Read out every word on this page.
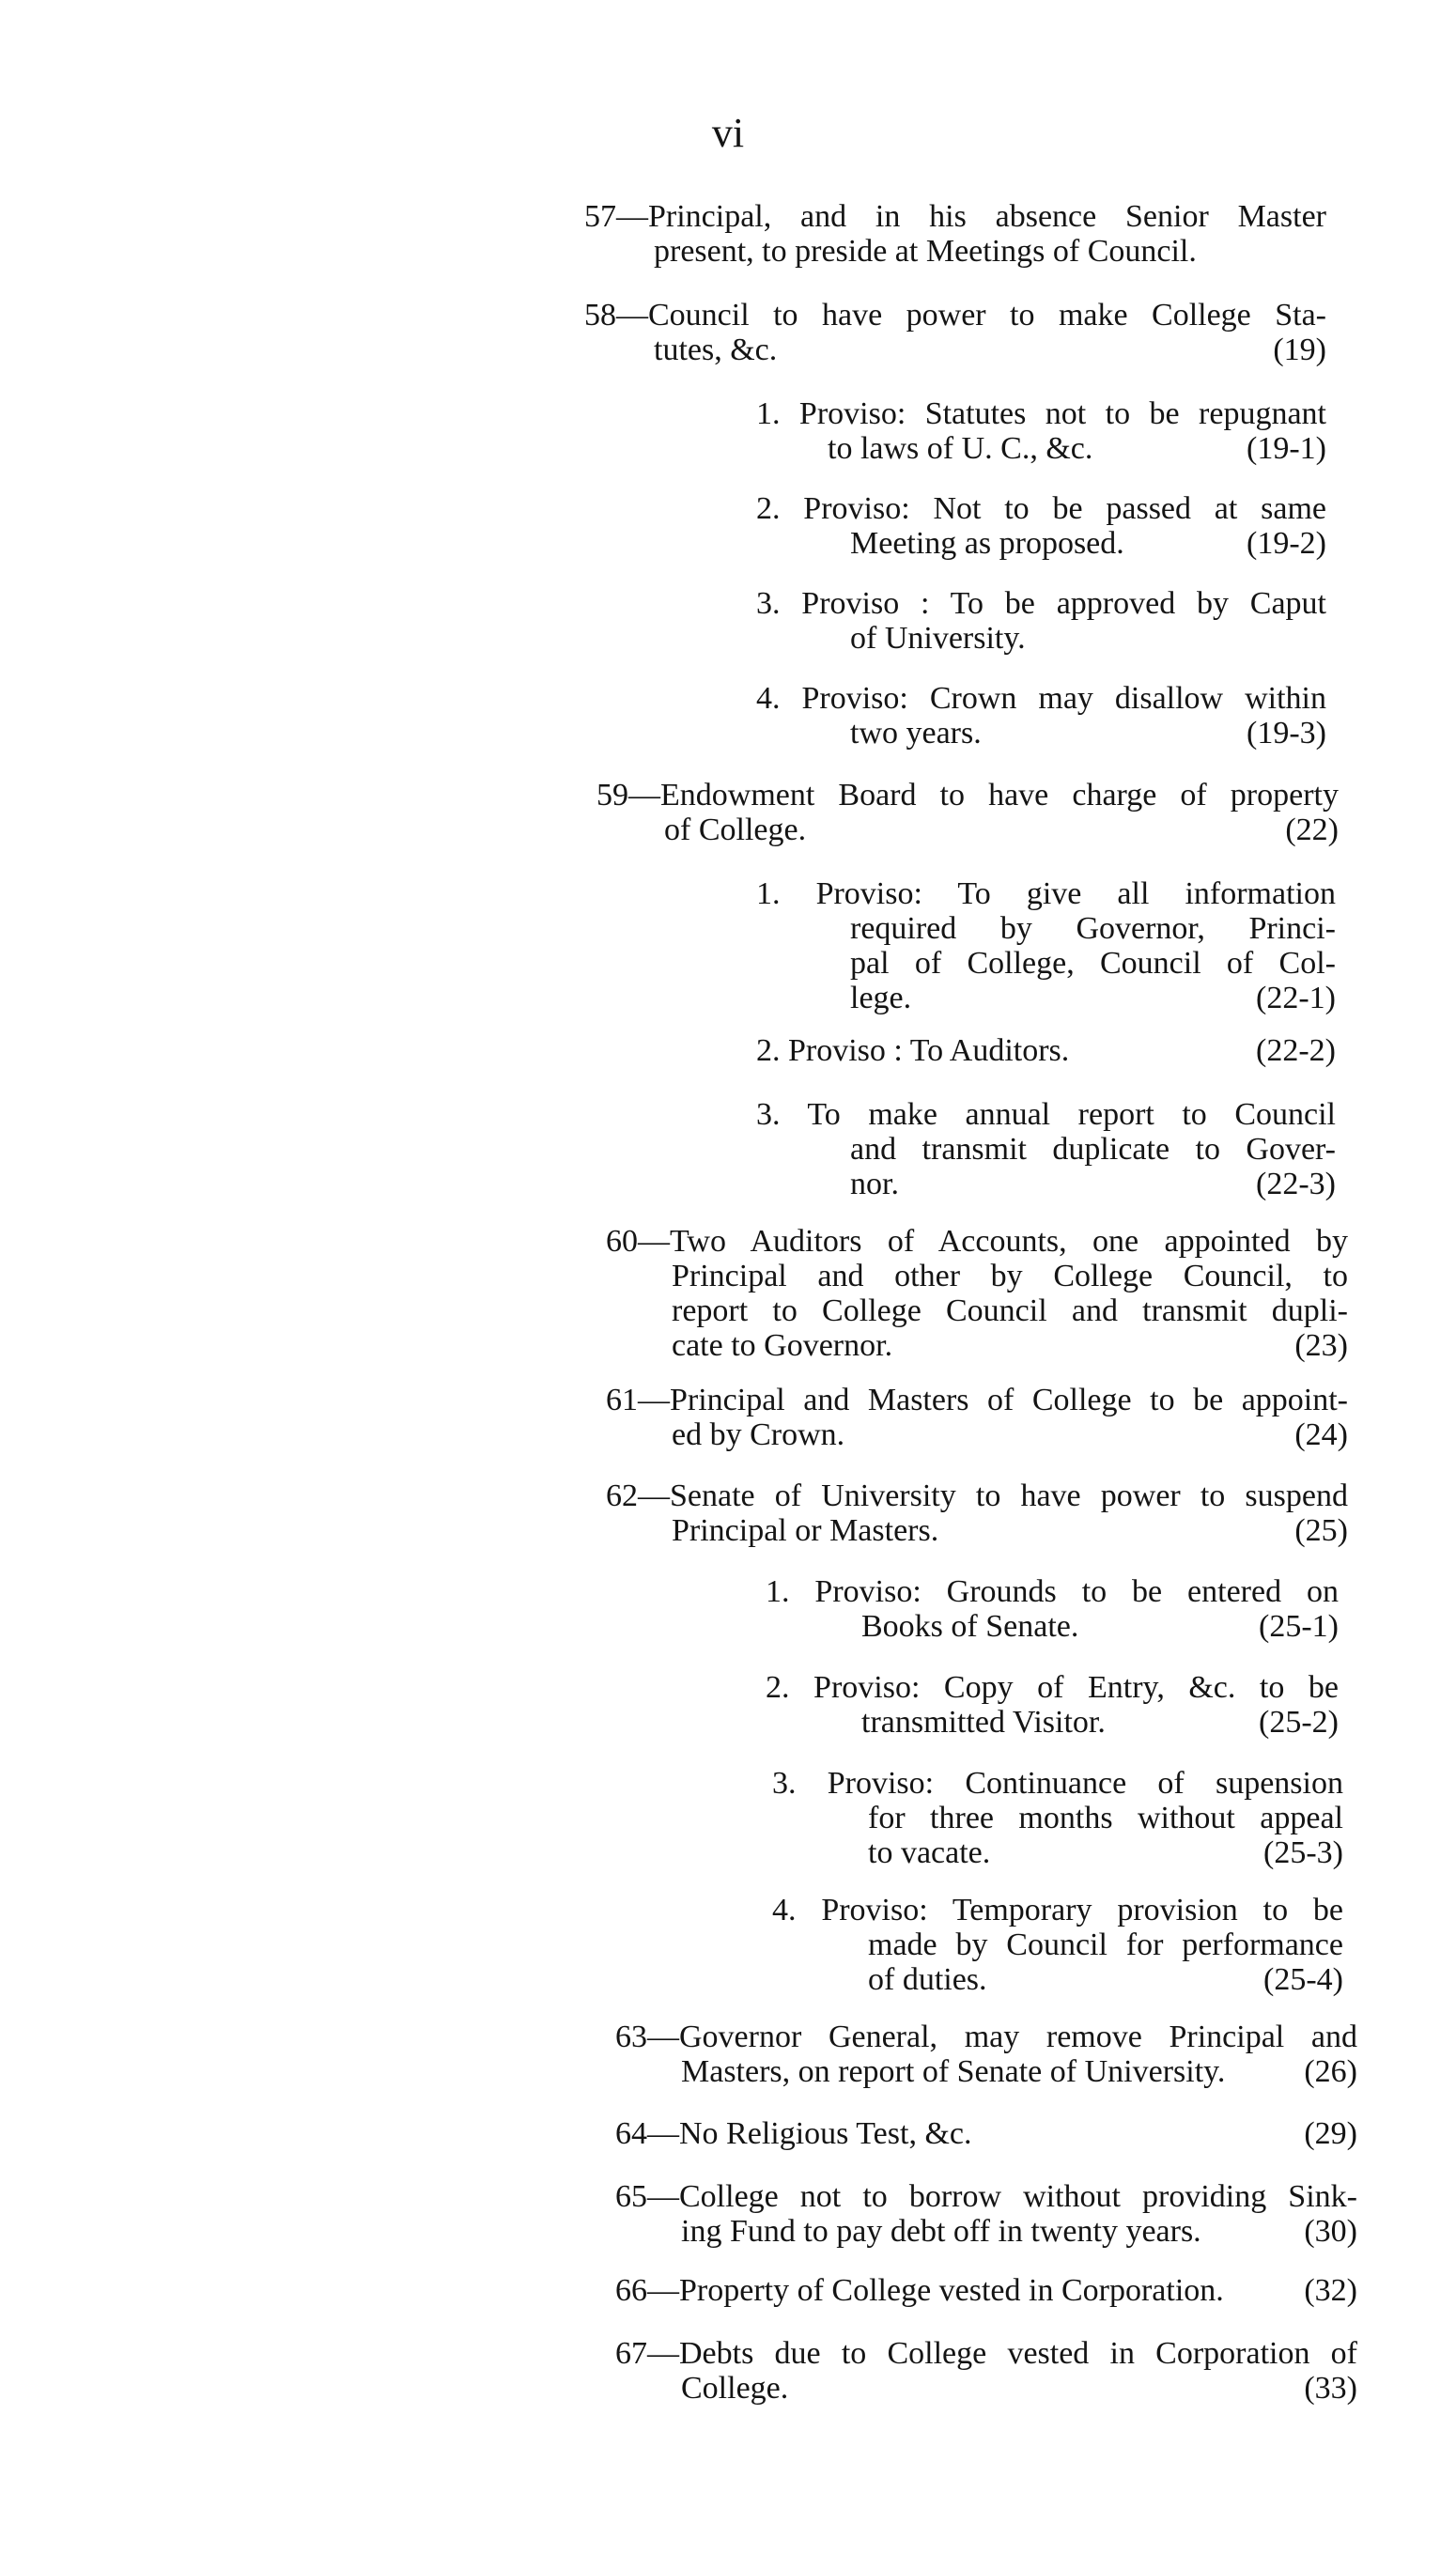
vi
57—Principal, and in his absence Senior Master
present, to preside at Meetings of Council.
58—Council to have power to make College Sta-
tutes, &c.	(19)
1. Proviso: Statutes not to be repugnant
to laws of U. C., &c.	(19-1)
2. Proviso: Not to be passed at same
Meeting as proposed.	(19-2)
3. Proviso : To be approved by Caput
of University.
4. Proviso: Crown may disallow within
two years.	(19-3)
59—Endowment Board to have charge of property
of College.	(22)
1. Proviso: To give all information
required by Governor, Princi-
pal of College, Council of Col-
lege.	(22-1)
2. Proviso : To Auditors.	(22-2)
3. To make annual report to Council
and transmit duplicate to Gover-
nor.	(22-3)
60—Two Auditors of Accounts, one appointed by
Principal and other by College Council, to
report to College Council and transmit dupli-
cate to Governor.	(23)
61—Principal and Masters of College to be appoint-
ed by Crown.	(24)
62—Senate of University to have power to suspend
Principal or Masters.	(25)
1. Proviso: Grounds to be entered on
Books of Senate.	(25-1)
2. Proviso: Copy of Entry, &c. to be
transmitted Visitor.	(25-2)
3. Proviso: Continuance of supension
for three months without appeal
to vacate.	(25-3)
4. Proviso: Temporary provision to be
made by Council for performance
of duties.	(25-4)
63—Governor General, may remove Principal and
Masters, on report of Senate of University. (26)
64—No Religious Test, &c.	(29)
65—College not to borrow without providing Sink-
ing Fund to pay debt off in twenty years.	(30)
66—Property of College vested in Corporation.	(32)
67—Debts due to College vested in Corporation of
College.	(33)
